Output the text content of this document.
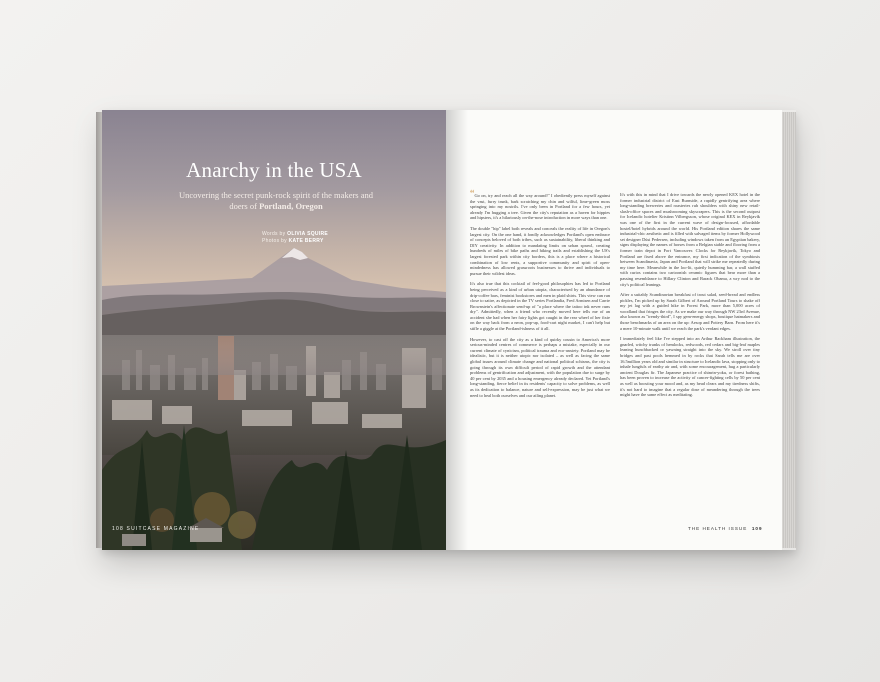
Anarchy in the USA
Uncovering the secret punk-rock spirit of the makers and doers of Portland, Oregon
Words by OLIVIA SQUIRE
Photos by KATE BERRY
108 SUITCASE MAGAZINE

“Go on, try and reach all the way around!" I obediently press myself against the vast, furry trunk, bark scratching my chin and wilful, lime-green moss springing into my nostrils. I've only been in Portland for a few hours, yet already I'm hugging a tree. Given the city's reputation as a haven for hippies and hipsters, it's a hilariously on-the-nose introduction in more ways than one.

The double "hip" label both reveals and conceals the reality of life in Oregon's largest city. On the one hand, it fondly acknowledges Portland's open embrace of concepts beloved of both tribes, such as sustainability, liberal thinking and DIY creativity. In addition to mandating limits on urban sprawl, creating hundreds of miles of bike paths and hiking trails and establishing the US's largest forested park within city borders, this is a place where a historical combination of low rents, a supportive community and spirit of open-mindedness has allowed grassroots businesses to thrive and individuals to pursue their wildest ideas.

It's also true that this cocktail of feel-good philosophies has led to Portland being perceived as a kind of urban utopia, characterised by an abundance of drip-coffee bars, feminist bookstores and men in plaid shirts. This view can run close to satire, as depicted in the TV series Portlandia, Fred Armisen and Carrie Brownstein's affectionate send-up of "a place where the tattoo ink never runs dry". Admittedly, when a friend who recently moved here tells me of an accident she had when her fairy lights got caught in the rear wheel of her fixie on the way back from a neon, pop-up, food-cart night market, I can't help but stifle a giggle at the Portland-ishness of it all.

However, to cast off the city as a kind of quirky cousin to America's more serious-minded centres of commerce is perhaps a mistake, especially in our current climate of cynicism, political trauma and eco-anxiety. Portland may be idealistic, but it is neither utopic nor isolated – as well as facing the same global issues around climate change and national political schisms, the city is going through its own difficult period of rapid growth and the attendant problems of gentrification and adjustment, with the population due to surge by 40 per cent by 2035 and a housing emergency already declared. Yet Portland's long-standing, fierce belief in its residents' capacity to solve problems, as well as its dedication to balance, nature and self-expression, may be just what we need to heal both ourselves and our ailing planet.

It's with this in mind that I drive towards the newly opened KEX hotel in the former industrial district of East Burnside, a rapidly gentrifying area where long-standing breweries and roasteries rub shoulders with shiny new retail-slash-office spaces and mushrooming skyscrapers. This is the second outpost for Icelandic hotelier Kristinn Vilbergsson, whose original KEX in Reykjavík was one of the first in the current wave of design-focused, affordable hostel/hotel hybrids around the world. His Portland edition shares the same industrial-chic aesthetic and is filled with salvaged items by former Hollywood set designer Dúsi Pedersen, including windows taken from an Egyptian bakery, signs displaying the names of horses from a Belgian stable and flooring from a former train depot in Fort Vancouver. Clocks for Reykjavík, Tokyo and Portland are fixed above the entrance, my first indication of the symbiosis between Scandinavia, Japan and Portland that will strike me repeatedly during my time here. Meanwhile in the loo-lit, quietly humming bar, a wall stuffed with curios contains two cartoonish ceramic figures that bear more than a passing resemblance to Hillary Clinton and Barack Obama, a wry nod to the city's political leanings.

After a suitably Scandinavian breakfast of trout salad, seed-bread and endless pickles, I'm picked up by Sarah Gilbert of Around Portland Tours to shake off my jet lag with a guided hike in Forest Park, more than 5,000 acres of woodland that fringes the city. As we make our way through NW 23rd Avenue, also known as "trendy-third", I spy gem-energy shops, boutique hatmakers and those benchmarks of an area on the up: Aesop and Pottery Barn. From here it's a mere 10-minute walk until we reach the park's verdant edges.

I immediately feel like I've stepped into an Arthur Rackham illustration, the gnarled, witchy trunks of hemlocks, redwoods, red cedars and big-leaf maples leaning hunchbacked or yawning straight into the sky. We stroll over tiny bridges and past pools hemmed in by rocks that Sarah tells me are over 16.5million years old and similar in structure to Icelandic lava, stopping only to inhale lungfuls of earthy air and, with some encouragement, hug a particularly ancient Douglas fir. The Japanese practice of shinrin-yoku, or forest bathing, has been proven to increase the activity of cancer-fighting cells by 50 per cent as well as boosting your mood and, as my head clears and my tiredness shifts, it's not hard to imagine that a regular dose of meandering through the trees might have the same effect as meditating.

THE HEALTH ISSUE 109
